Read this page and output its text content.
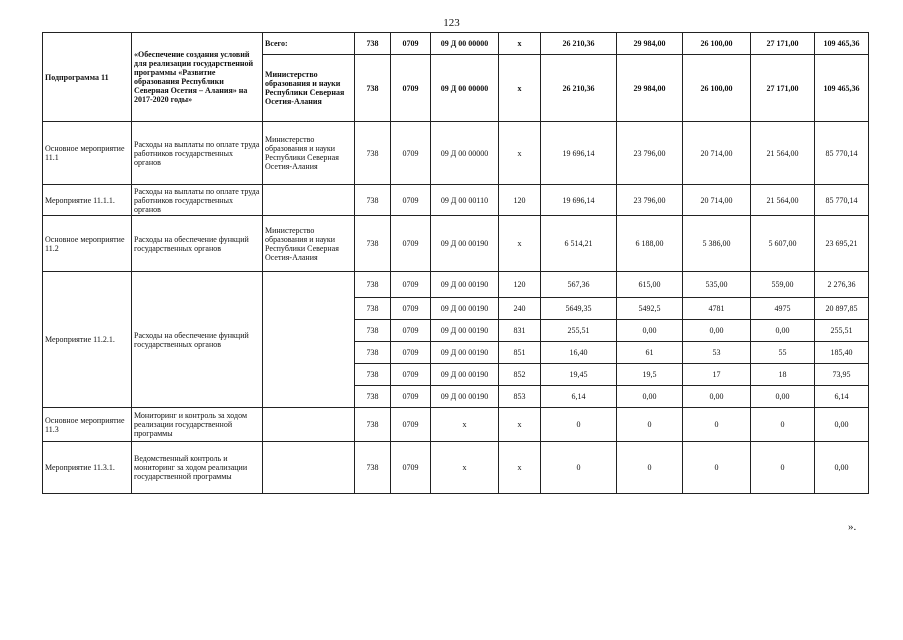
123
Подпрограмма 11	«Обеспечение создания условий для реализации государственной программы «Развитие образования Республики Северная Осетия – Алания» на 2017-2020 годы»	Всего:	738	0709	09 Д 00 00000	х	26 210,36	29 984,00	26 100,00	27 171,00	109 465,36
		Министерство образования и науки Республики Северная Осетия-Алания	738	0709	09 Д 00 00000	х	26 210,36	29 984,00	26 100,00	27 171,00	109 465,36
Основное мероприятие 11.1	Расходы на выплаты по оплате труда работников государственных органов	Министерство образования и науки Республики Северная Осетия-Алания	738	0709	09 Д 00 00000	х	19 696,14	23 796,00	20 714,00	21 564,00	85 770,14
Мероприятие 11.1.1.	Расходы на выплаты по оплате труда работников государственных органов		738	0709	09 Д 00 00110	120	19 696,14	23 796,00	20 714,00	21 564,00	85 770,14
Основное мероприятие 11.2	Расходы на обеспечение функций государственных органов	Министерство образования и науки Республики Северная Осетия-Алания	738	0709	09 Д 00 00190	х	6 514,21	6 188,00	5 386,00	5 607,00	23 695,21
Мероприятие 11.2.1.	Расходы на обеспечение функций государственных органов		738	0709	09 Д 00 00190	120	567,36	615,00	535,00	559,00	2 276,36
			738	0709	09 Д 00 00190	240	5649,35	5492,5	4781	4975	20 897,85
			738	0709	09 Д 00 00190	831	255,51	0,00	0,00	0,00	255,51
			738	0709	09 Д 00 00190	851	16,40	61	53	55	185,40
			738	0709	09 Д 00 00190	852	19,45	19,5	17	18	73,95
			738	0709	09 Д 00 00190	853	6,14	0,00	0,00	0,00	6,14
Основное мероприятие 11.3	Мониторинг и контроль за ходом реализации государственной программы		738	0709	х	х	0	0	0	0	0,00
Мероприятие 11.3.1.	Ведомственный контроль и мониторинг за ходом реализации государственной программы		738	0709	х	х	0	0	0	0	0,00
».
